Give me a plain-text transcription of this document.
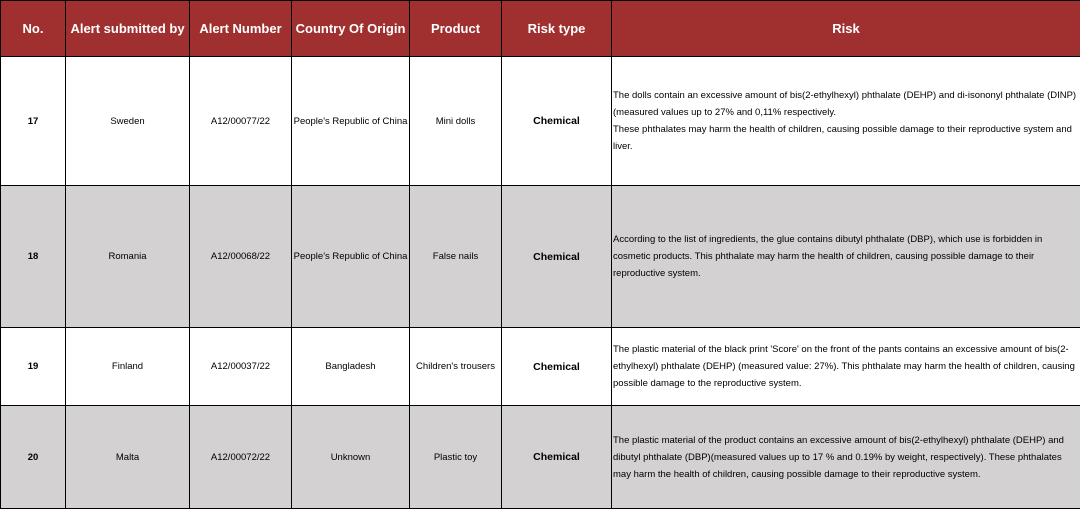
No.	Alert submitted by	Alert Number	Country Of Origin	Product	Risk type	Risk
17	Sweden	A12/00077/22	People's Republic of China	Mini dolls	Chemical	The dolls contain an excessive amount of bis(2-ethylhexyl) phthalate (DEHP) and di-isononyl phthalate (DINP) (measured values up to 27% and 0,11% respectively.

These phthalates may harm the health of children, causing possible damage to their reproductive system and liver.

18	Romania	A12/00068/22	People's Republic of China	False nails	Chemical	According to the list of ingredients, the glue contains dibutyl phthalate (DBP), which use is forbidden in cosmetic products. This phthalate may harm the health of children, causing possible damage to their reproductive system.

19	Finland	A12/00037/22	Bangladesh	Children's trousers	Chemical	The plastic material of the black print 'Score' on the front of the pants contains an excessive amount of bis(2-ethylhexyl) phthalate (DEHP) (measured value: 27%). This phthalate may harm the health of children, causing possible damage to the reproductive system.

20	Malta	A12/00072/22	Unknown	Plastic toy	Chemical	The plastic material of the product contains an excessive amount of bis(2-ethylhexyl) phthalate (DEHP) and dibutyl phthalate (DBP)(measured values up to 17 % and 0.19% by weight, respectively). These phthalates may harm the health of children, causing possible damage to their reproductive system.
